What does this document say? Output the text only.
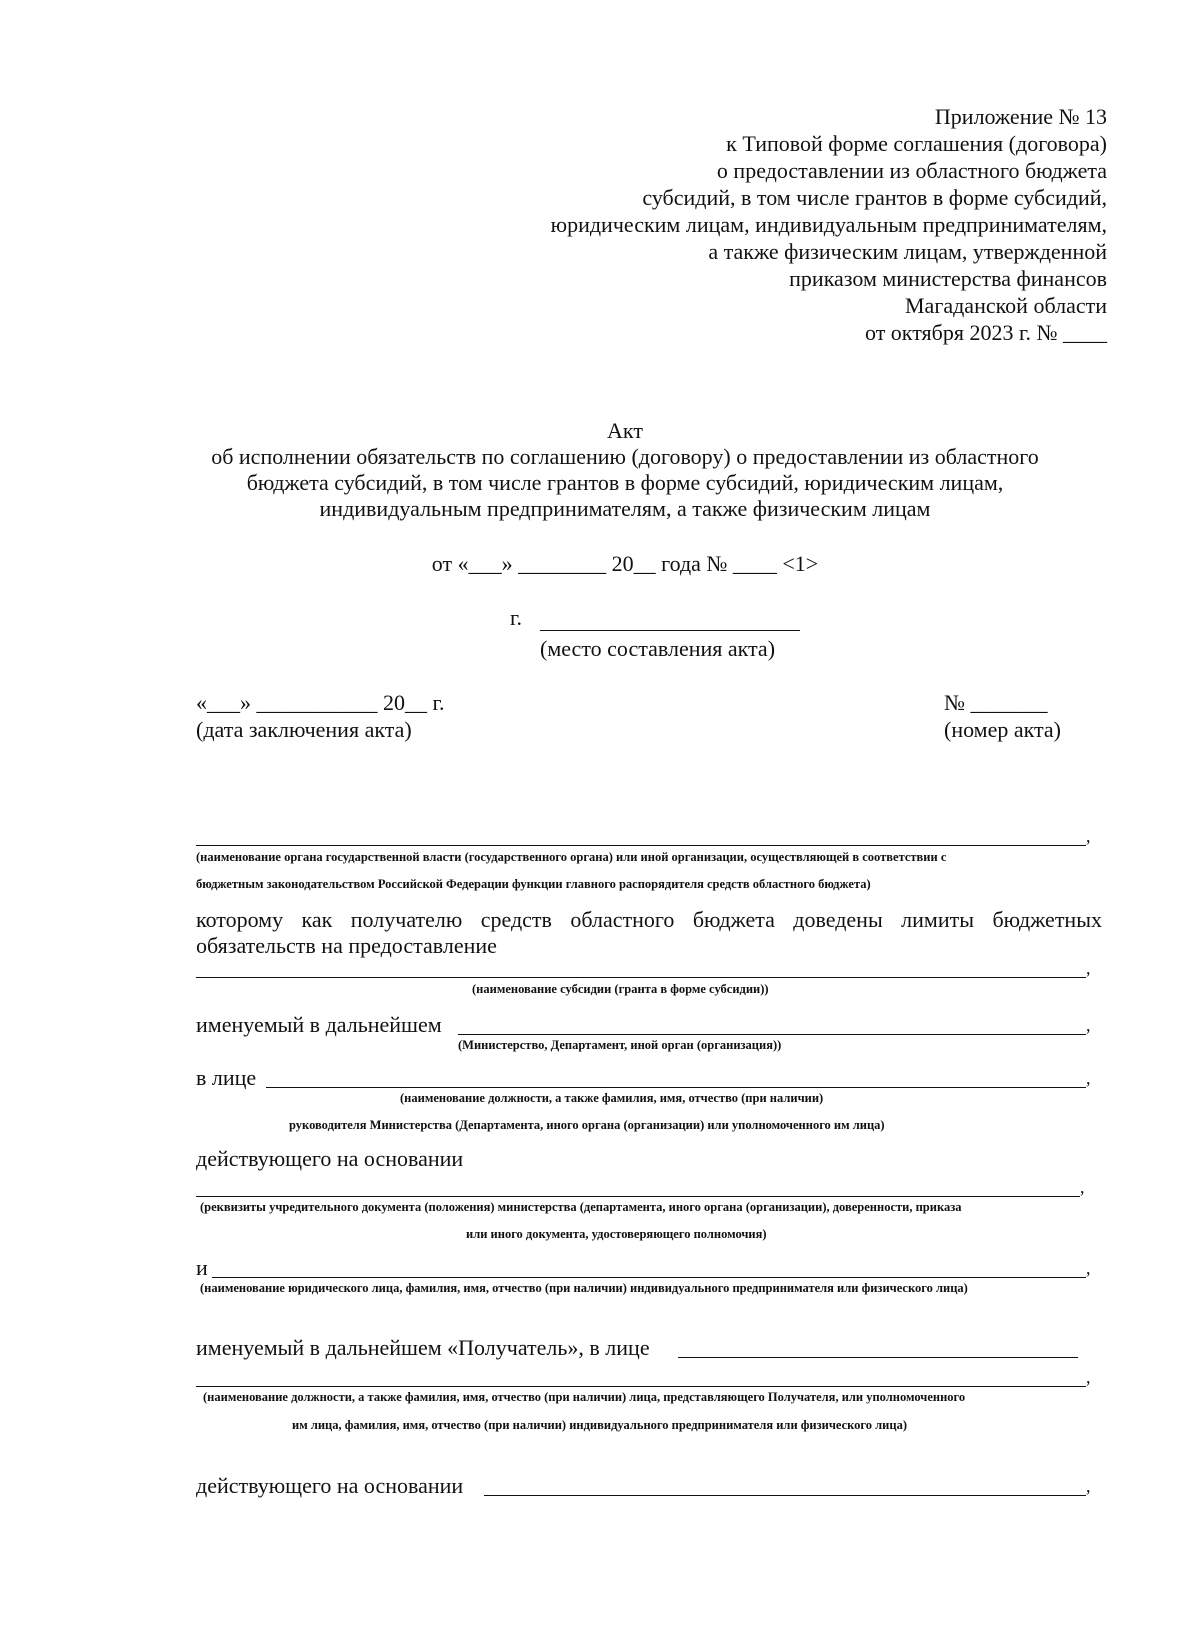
Приложение № 13
к Типовой форме соглашения (договора)
о предоставлении из областного бюджета
субсидий, в том числе грантов в форме субсидий,
юридическим лицам, индивидуальным предпринимателям,
а также физическим лицам, утвержденной
приказом министерства финансов
Магаданской области
от октября 2023 г. № ____
Акт
об исполнении обязательств по соглашению (договору) о предоставлении из областного
бюджета субсидий, в том числе грантов в форме субсидий, юридическим лицам,
индивидуальным предпринимателям, а также физическим лицам
от «___» ________ 20__ года № ____ <1>
г.
(место составления акта)
«___» ___________ 20__ г.
(дата заключения акта)
№ _______
(номер акта)
,
(наименование органа государственной власти (государственного органа) или иной организации, осуществляющей в соответствии с
бюджетным законодательством Российской Федерации функции главного распорядителя средств областного бюджета)
которому как получателю средств областного бюджета доведены лимиты бюджетных обязательств на предоставление
,
(наименование субсидии (гранта в форме субсидии))
именуемый в дальнейшем	,
(Министерство, Департамент, иной орган (организация))
в лице	,
(наименование должности, а также фамилия, имя, отчество (при наличии)
руководителя Министерства (Департамента, иного органа (организации) или уполномоченного им лица)
действующего на основании
,
(реквизиты учредительного документа (положения) министерства (департамента, иного органа (организации), доверенности, приказа
или иного документа, удостоверяющего полномочия)
и	,
(наименование юридического лица, фамилия, имя, отчество (при наличии) индивидуального предпринимателя или физического лица)
именуемый в дальнейшем «Получатель», в лице
,
(наименование должности, а также фамилия, имя, отчество (при наличии) лица, представляющего Получателя, или уполномоченного
им лица, фамилия, имя, отчество (при наличии) индивидуального предпринимателя или физического лица)
действующего на основании	,
